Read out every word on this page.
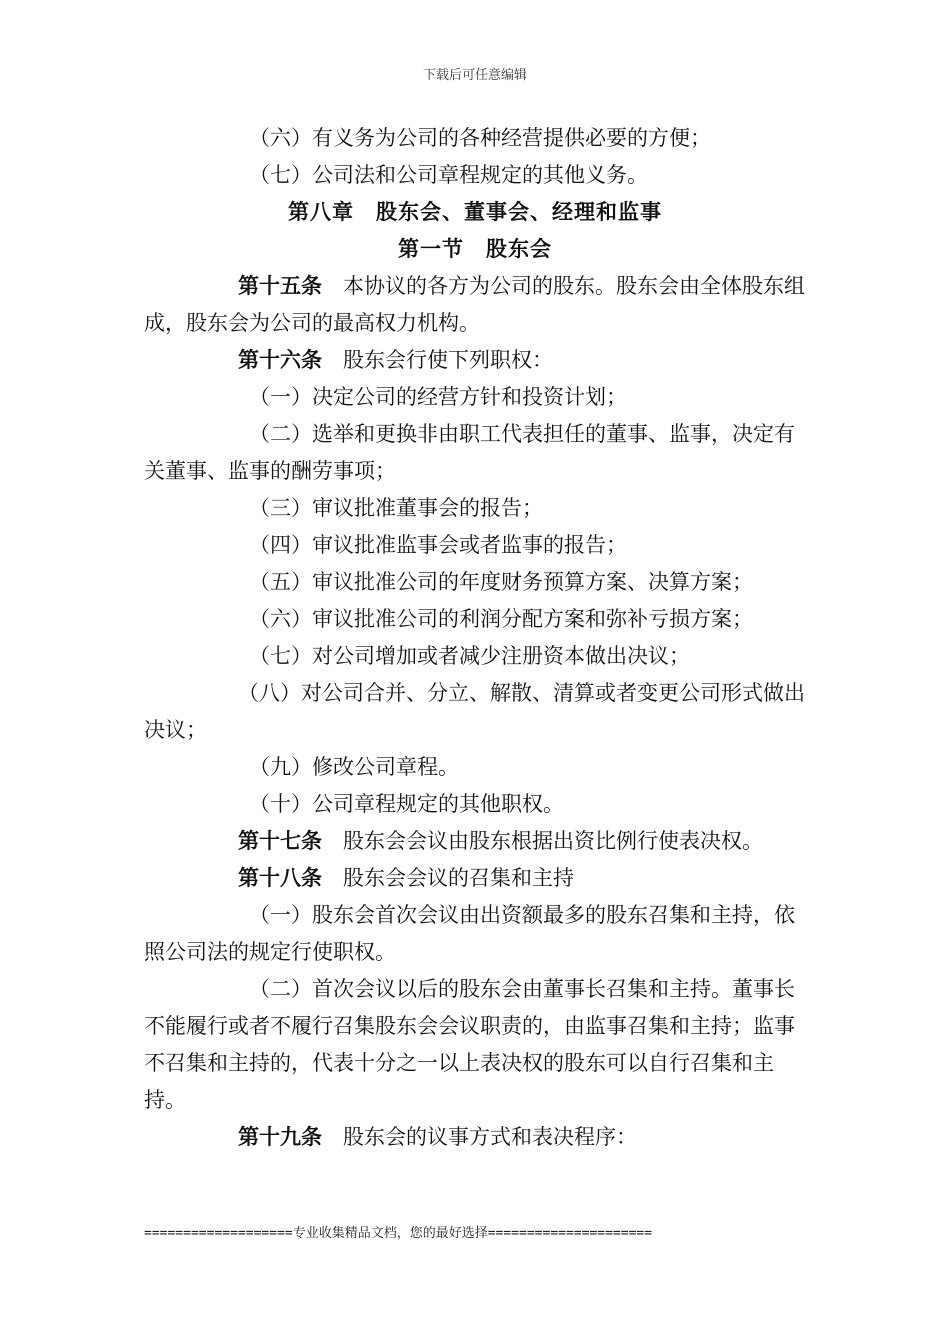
下载后可任意编辑

（六）有义务为公司的各种经营提供必要的方便；

（七）公司法和公司章程规定的其他义务。

第八章　股东会、董事会、经理和监事

第一节　股东会

第十五条　本协议的各方为公司的股东。股东会由全体股东组成，股东会为公司的最高权力机构。

第十六条　股东会行使下列职权：

（一）决定公司的经营方针和投资计划；

（二）选举和更换非由职工代表担任的董事、监事，决定有关董事、监事的酬劳事项；

（三）审议批准董事会的报告；

（四）审议批准监事会或者监事的报告；

（五）审议批准公司的年度财务预算方案、决算方案；

（六）审议批准公司的利润分配方案和弥补亏损方案；

（七）对公司增加或者减少注册资本做出决议；

（八）对公司合并、分立、解散、清算或者变更公司形式做出决议；

（九）修改公司章程。

（十）公司章程规定的其他职权。

第十七条　股东会会议由股东根据出资比例行使表决权。

第十八条　股东会会议的召集和主持

（一）股东会首次会议由出资额最多的股东召集和主持，依照公司法的规定行使职权。

（二）首次会议以后的股东会由董事长召集和主持。董事长不能履行或者不履行召集股东会会议职责的，由监事召集和主持；监事不召集和主持的，代表十分之一以上表决权的股东可以自行召集和主持。

第十九条　股东会的议事方式和表决程序：

===================专业收集精品文档，您的最好选择=====================
